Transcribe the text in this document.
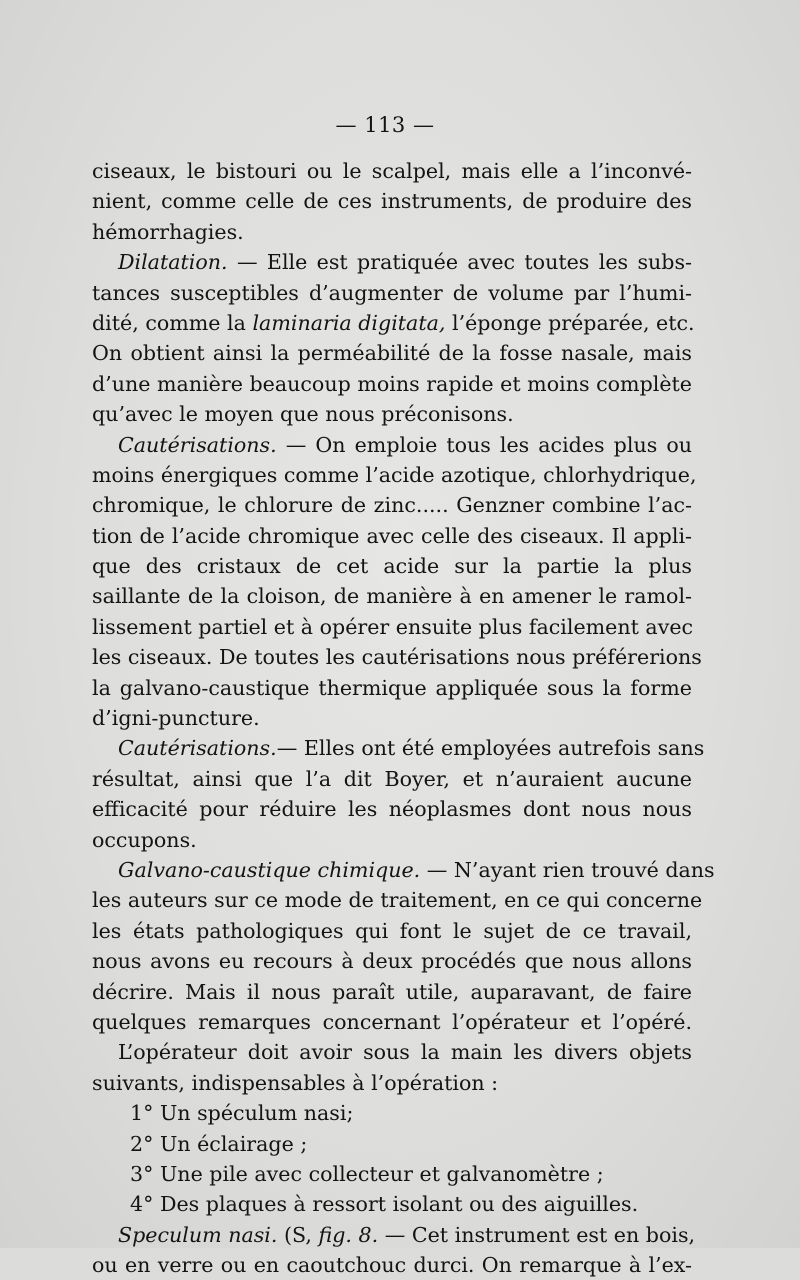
— 113 —
ciseaux, le bistouri ou le scalpel, mais elle a l’inconvé-
nient, comme celle de ces instruments, de produire des
hémorrhagies.
Dilatation. — Elle est pratiquée avec toutes les subs-
tances susceptibles d’augmenter de volume par l’humi-
dité, comme la laminaria digitata, l’éponge préparée, etc.
On obtient ainsi la perméabilité de la fosse nasale, mais
d’une manière beaucoup moins rapide et moins complète
qu’avec le moyen que nous préconisons.
Cautérisations. — On emploie tous les acides plus ou
moins énergiques comme l’acide azotique, chlorhydrique,
chromique, le chlorure de zinc..... Genzner combine l’ac-
tion de l’acide chromique avec celle des ciseaux. Il appli-
que des cristaux de cet acide sur la partie la plus
saillante de la cloison, de manière à en amener le ramol-
lissement partiel et à opérer ensuite plus facilement avec
les ciseaux. De toutes les cautérisations nous préférerions
la galvano-caustique thermique appliquée sous la forme
d’igni-puncture.
Cautérisations.— Elles ont été employées autrefois sans
résultat, ainsi que l’a dit Boyer, et n’auraient aucune
efficacité pour réduire les néoplasmes dont nous nous
occupons.
Galvano-caustique chimique. — N’ayant rien trouvé dans
les auteurs sur ce mode de traitement, en ce qui concerne
les états pathologiques qui font le sujet de ce travail,
nous avons eu recours à deux procédés que nous allons
décrire. Mais il nous paraît utile, auparavant, de faire
quelques remarques concernant l’opérateur et l’opéré.
L’opérateur doit avoir sous la main les divers objets
suivants, indispensables à l’opération :
1° Un spéculum nasi;
2° Un éclairage ;
3° Une pile avec collecteur et galvanomètre ;
4° Des plaques à ressort isolant ou des aiguilles.
Speculum nasi. (S, fig. 8. — Cet instrument est en bois,
ou en verre ou en caoutchouc durci. On remarque à l’ex-
